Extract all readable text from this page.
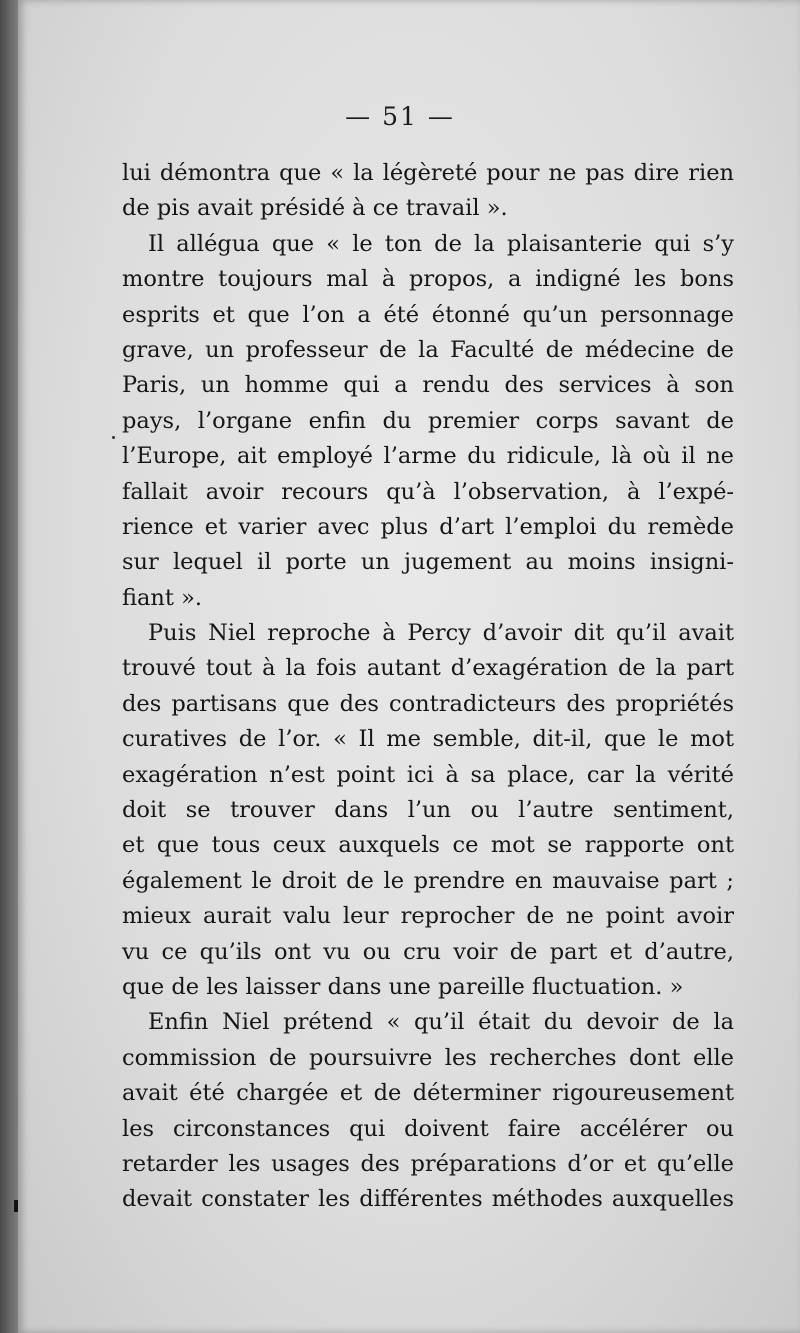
— 51 —
lui démontra que « la légèreté pour ne pas dire rien
de pis avait présidé à ce travail ».
Il allégua que « le ton de la plaisanterie qui s’y
montre toujours mal à propos, a indigné les bons
esprits et que l’on a été étonné qu’un personnage
grave, un professeur de la Faculté de médecine de
Paris, un homme qui a rendu des services à son
pays, l’organe enfin du premier corps savant de
l’Europe, ait employé l’arme du ridicule, là où il ne
fallait avoir recours qu’à l’observation, à l’expé-
rience et varier avec plus d’art l’emploi du remède
sur lequel il porte un jugement au moins insigni-
fiant ».
Puis Niel reproche à Percy d’avoir dit qu’il avait
trouvé tout à la fois autant d’exagération de la part
des partisans que des contradicteurs des propriétés
curatives de l’or. « Il me semble, dit-il, que le mot
exagération n’est point ici à sa place, car la vérité
doit se trouver dans l’un ou l’autre sentiment,
et que tous ceux auxquels ce mot se rapporte ont
également le droit de le prendre en mauvaise part ;
mieux aurait valu leur reprocher de ne point avoir
vu ce qu’ils ont vu ou cru voir de part et d’autre,
que de les laisser dans une pareille fluctuation. »
Enfin Niel prétend « qu’il était du devoir de la
commission de poursuivre les recherches dont elle
avait été chargée et de déterminer rigoureusement
les circonstances qui doivent faire accélérer ou
retarder les usages des préparations d’or et qu’elle
devait constater les différentes méthodes auxquelles
